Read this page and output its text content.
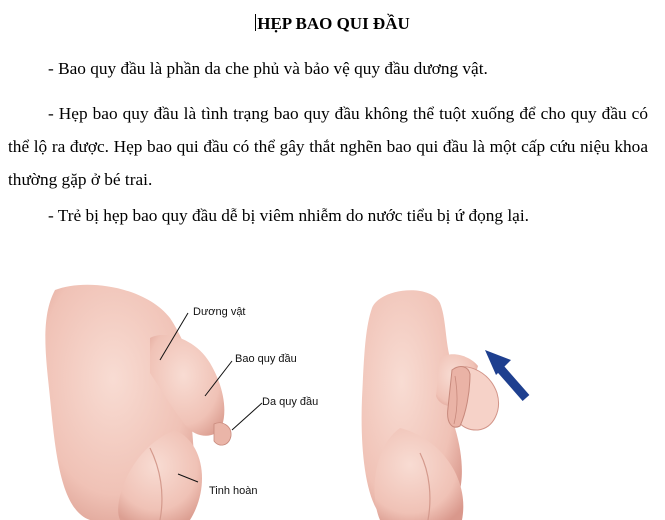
HẸP BAO QUI ĐẦU

- Bao quy đầu là phần da che phủ và bảo vệ quy đầu dương vật.

- Hẹp bao quy đầu là tình trạng bao quy đầu không thể tuột xuống để cho quy đầu có thể lộ ra được. Hẹp bao qui đầu có thể gây thắt nghẽn bao qui đầu là một cấp cứu niệu khoa thường gặp ở bé trai.

- Trẻ bị hẹp bao quy đầu dễ bị viêm nhiễm do nước tiểu bị ứ đọng lại.

Dương vật
Bao quy đầu
Da quy đầu
Tinh hoàn
